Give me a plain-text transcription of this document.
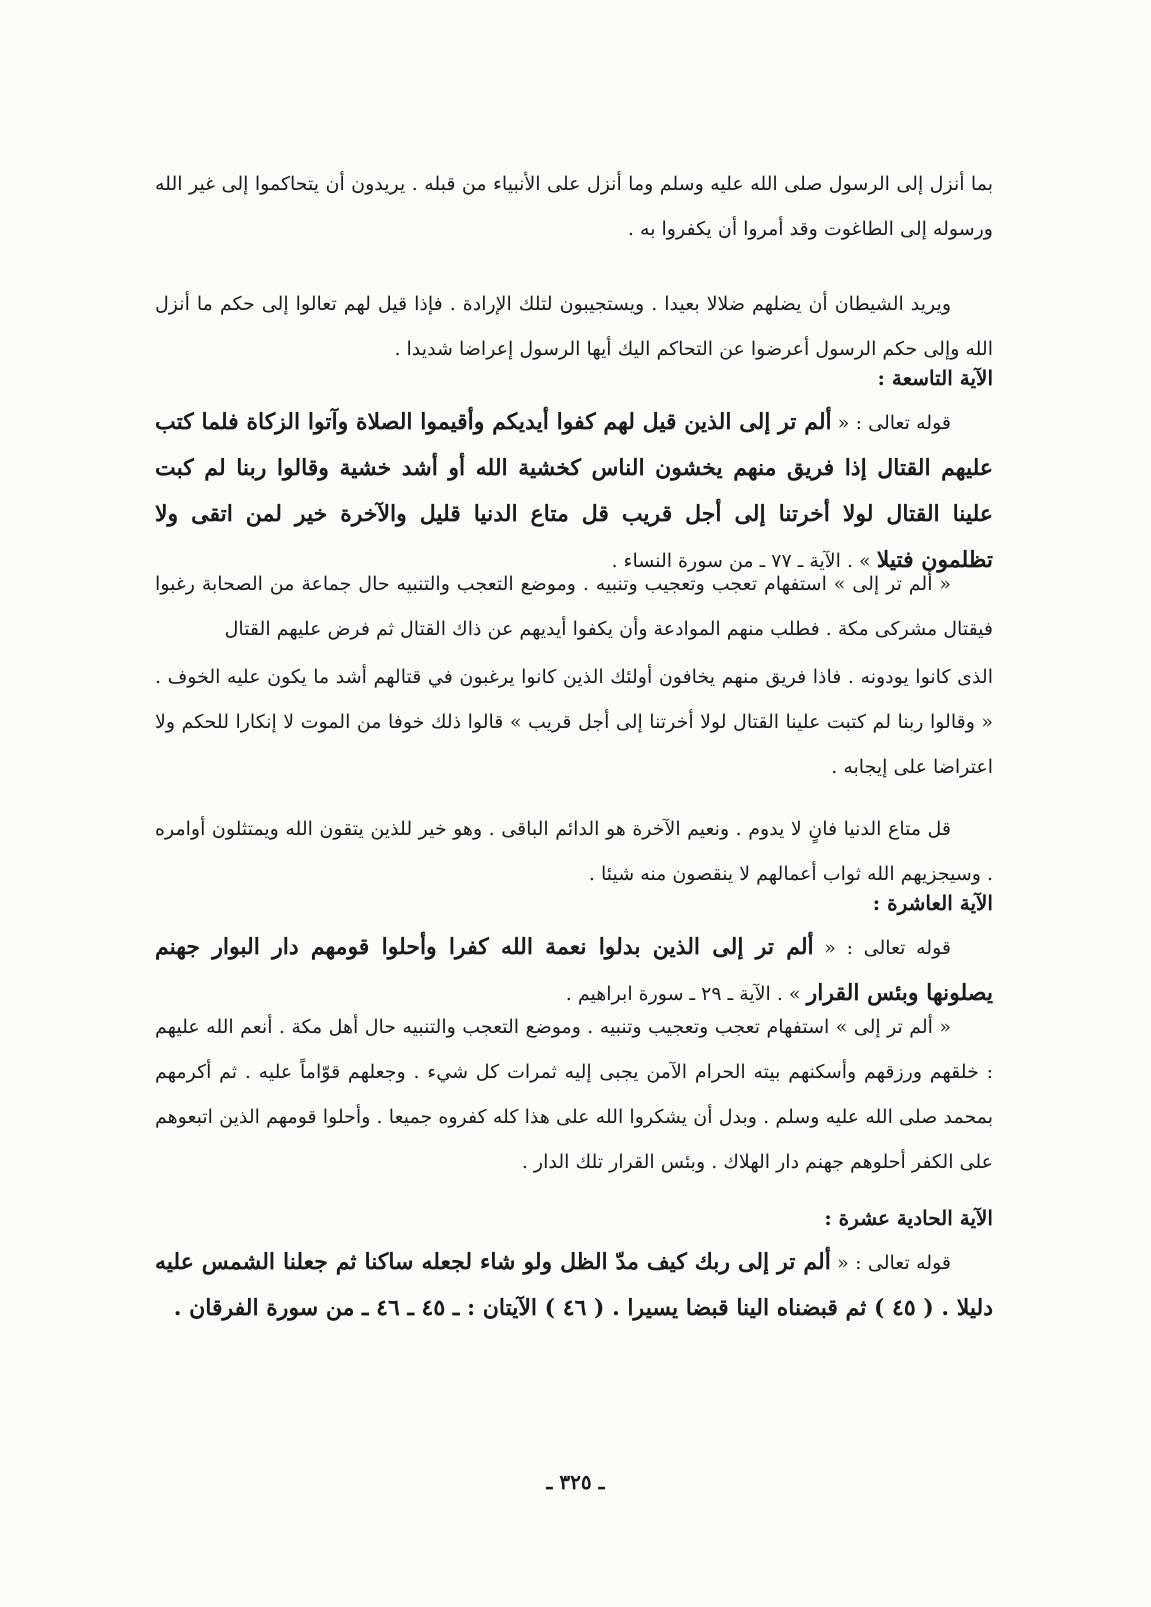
بما أنزل إلى الرسول صلى الله عليه وسلم وما أنزل على الأنبياء من قبله . يريدون أن يتحاكموا إلى غير الله ورسوله إلى الطاغوت وقد أمروا أن يكفروا به .

ويريد الشيطان أن يضلهم ضلالا بعيدا . ويستجيبون لتلك الإرادة . فإذا قيل لهم تعالوا إلى حكم ما أنزل الله وإلى حكم الرسول أعرضوا عن التحاكم اليك أيها الرسول إعراضا شديدا .

الآية التاسعة :

قوله تعالى : « ألم تر إلى الذين قيل لهم كفوا أيديكم وأقيموا الصلاة وآتوا الزكاة فلما كتب عليهم القتال إذا فريق منهم يخشون الناس كخشية الله أو أشد خشية وقالوا ربنا لم كبت علينا القتال لولا أخرتنا إلى أجل قريب قل متاع الدنيا قليل والآخرة خير لمن اتقى ولا تظلمون فتيلا » . الآية ـ ٧٧ ـ من سورة النساء .

« ألم تر إلى » استفهام تعجب وتعجيب وتنبيه . وموضع التعجب والتنبيه حال جماعة من الصحابة رغبوا فيقتال مشركى مكة . فطلب منهم الموادعة وأن يكفوا أيديهم عن ذاك القتال ثم فرض عليهم القتال

الذى كانوا يودونه . فاذا فريق منهم يخافون أولئك الذين كانوا يرغبون في قتالهم أشد ما يكون عليه الخوف . « وقالوا ربنا لم كتبت علينا القتال لولا أخرتنا إلى أجل قريب » قالوا ذلك خوفا من الموت لا إنكارا للحكم ولا اعتراضا على إيجابه .

قل متاع الدنيا فانٍ لا يدوم . ونعيم الآخرة هو الدائم الباقى . وهو خير للذين يتقون الله ويمتثلون أوامره . وسيجزيهم الله ثواب أعمالهم لا ينقصون منه شيئا .

الآية العاشرة :

قوله تعالى : « ألم تر إلى الذين بدلوا نعمة الله كفرا وأحلوا قومهم دار البوار جهنم يصلونها وبئس القرار » . الآية ـ ٢٩ ـ سورة ابراهيم .

« ألم تر إلى » استفهام تعجب وتعجيب وتنبيه . وموضع التعجب والتنبيه حال أهل مكة . أنعم الله عليهم : خلقهم ورزقهم وأسكنهم بيته الحرام الآمن يجبى إليه ثمرات كل شيء . وجعلهم قوّاماً عليه . ثم أكرمهم بمحمد صلى الله عليه وسلم . وبدل أن يشكروا الله على هذا كله كفروه جميعا . وأحلوا قومهم الذين اتبعوهم على الكفر أحلوهم جهنم دار الهلاك . وبئس القرار تلك الدار .

الآية الحادية عشرة :

قوله تعالى : « ألم تر إلى ربك كيف مدّ الظل ولو شاء لجعله ساكنا ثم جعلنا الشمس عليه دليلا . ( ٤٥ ) ثم قبضناه الينا قبضا يسيرا . ( ٤٦ ) الآيتان : ـ ٤٥ ـ ٤٦ ـ من سورة الفرقان .

ـ ٣٢٥ ـ
